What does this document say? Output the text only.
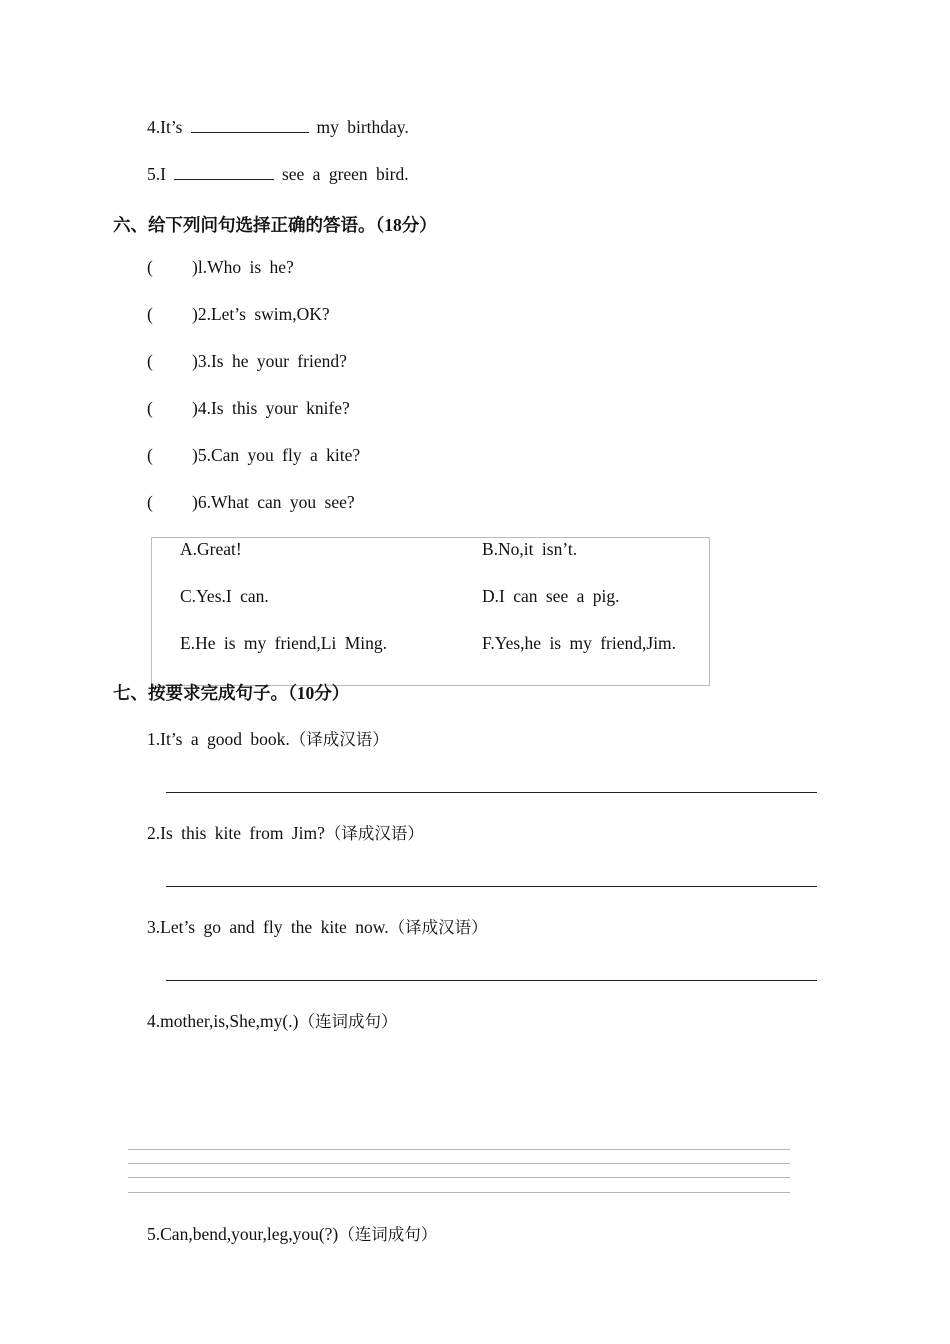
4.It’s	my birthday.
5.I	see a green bird.
六、给下列问句选择正确的答语。（18分）
( )l.Who is he?
( )2.Let’s swim,OK?
( )3.Is he your friend?
( )4.Is this your knife?
( )5.Can you fly a kite?
( )6.What can you see?
A.Great!	B.No,it isn’t.
C.Yes.I can.	D.I can see a pig.
E.He is my friend,Li Ming.	F.Yes,he is my friend,Jim.
七、按要求完成句子。（10分）
1.It’s a good book.（译成汉语）
2.Is this kite from Jim?（译成汉语）
3.Let’s go and fly the kite now.（译成汉语）
4.mother,is,She,my(.)（连词成句）
5.Can,bend,your,leg,you(?)（连词成句）
